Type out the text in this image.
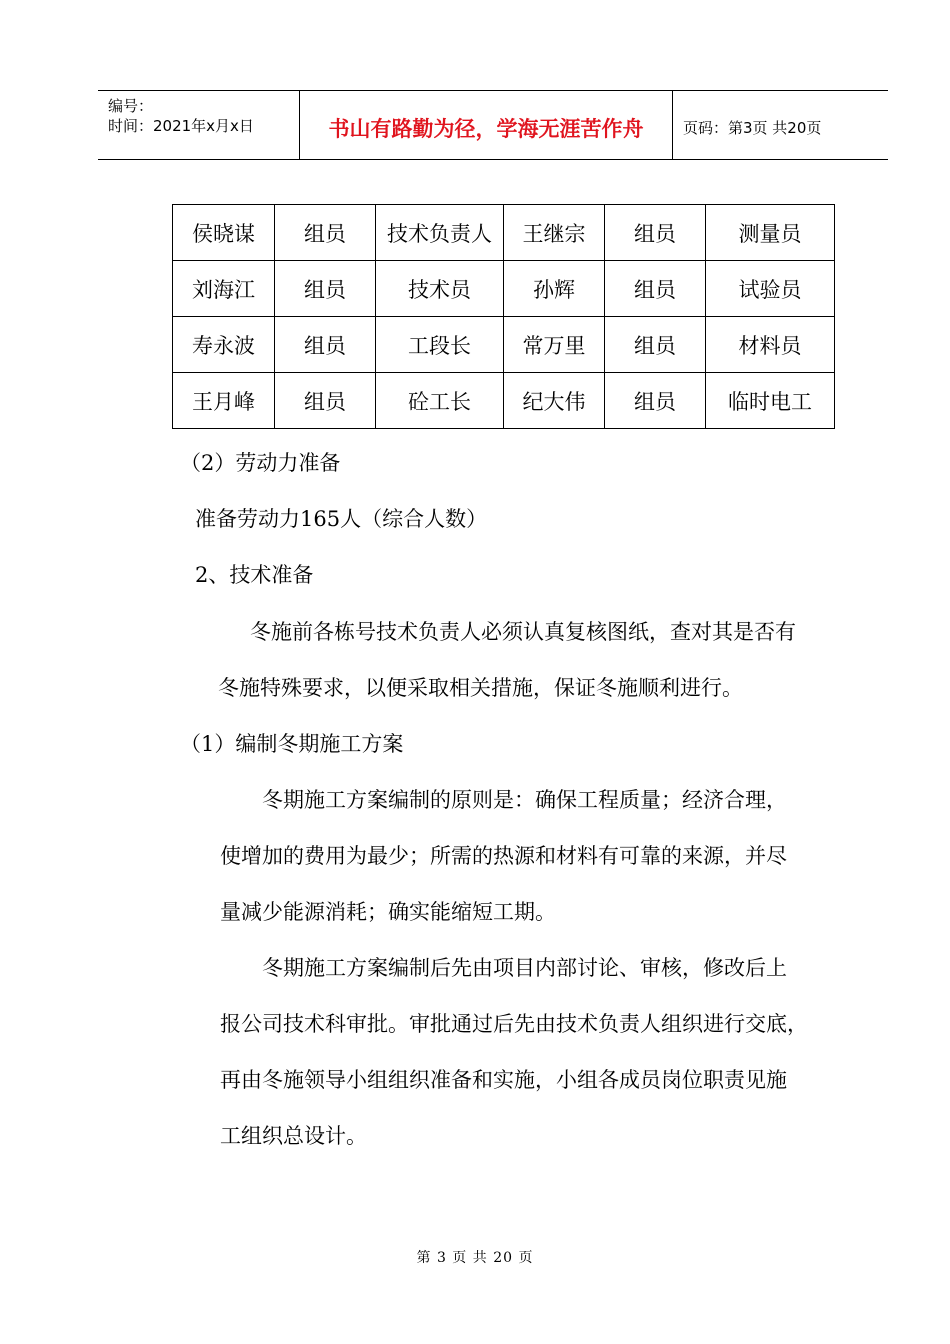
编号：
时间：2021年x月x日	书山有路勤为径，学海无涯苦作舟	页码：第3页 共20页
侯晓谋	组员	技术负责人	王继宗	组员	测量员
刘海江	组员	技术员	孙辉	组员	试验员
寿永波	组员	工段长	常万里	组员	材料员
王月峰	组员	砼工长	纪大伟	组员	临时电工
（2）劳动力准备
准备劳动力165人（综合人数）
2、技术准备
冬施前各栋号技术负责人必须认真复核图纸，查对其是否有
冬施特殊要求，以便采取相关措施，保证冬施顺利进行。
（1）编制冬期施工方案
冬期施工方案编制的原则是：确保工程质量；经济合理，
使增加的费用为最少；所需的热源和材料有可靠的来源，并尽
量减少能源消耗；确实能缩短工期。
冬期施工方案编制后先由项目内部讨论、审核，修改后上
报公司技术科审批。审批通过后先由技术负责人组织进行交底，
再由冬施领导小组组织准备和实施，小组各成员岗位职责见施
工组织总设计。
第 3 页 共 20 页
